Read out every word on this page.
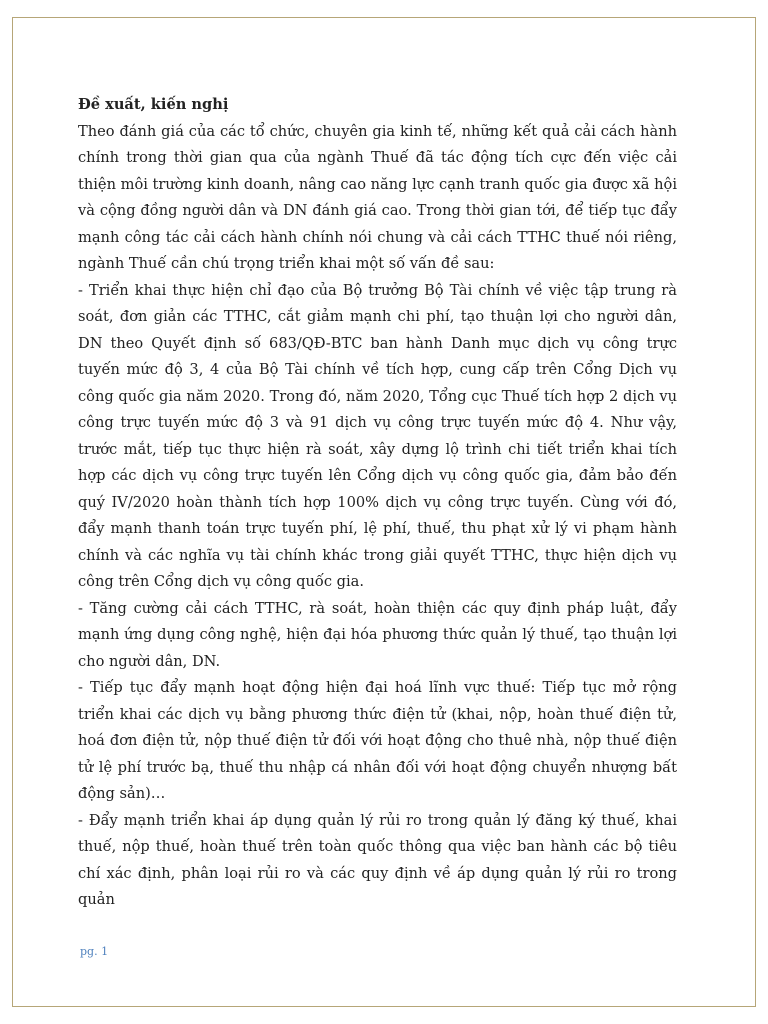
Đề xuất, kiến nghị

Theo đánh giá của các tổ chức, chuyên gia kinh tế, những kết quả cải cách hành chính trong thời gian qua của ngành Thuế đã tác động tích cực đến việc cải thiện môi trường kinh doanh, nâng cao năng lực cạnh tranh quốc gia được xã hội và cộng đồng người dân và DN đánh giá cao. Trong thời gian tới, để tiếp tục đẩy mạnh công tác cải cách hành chính nói chung và cải cách TTHC thuế nói riêng, ngành Thuế cần chú trọng triển khai một số vấn đề sau:

- Triển khai thực hiện chỉ đạo của Bộ trưởng Bộ Tài chính về việc tập trung rà soát, đơn giản các TTHC, cắt giảm mạnh chi phí, tạo thuận lợi cho người dân, DN theo Quyết định số 683/QĐ-BTC ban hành Danh mục dịch vụ công trực tuyến mức độ 3, 4 của Bộ Tài chính về tích hợp, cung cấp trên Cổng Dịch vụ công quốc gia năm 2020. Trong đó, năm 2020, Tổng cục Thuế tích hợp 2 dịch vụ công trực tuyến mức độ 3 và 91 dịch vụ công trực tuyến mức độ 4. Như vậy, trước mắt, tiếp tục thực hiện rà soát, xây dựng lộ trình chi tiết triển khai tích hợp các dịch vụ công trực tuyến lên Cổng dịch vụ công quốc gia, đảm bảo đến quý IV/2020 hoàn thành tích hợp 100% dịch vụ công trực tuyến. Cùng với đó, đẩy mạnh thanh toán trực tuyến phí, lệ phí, thuế, thu phạt xử lý vi phạm hành chính và các nghĩa vụ tài chính khác trong giải quyết TTHC, thực hiện dịch vụ công trên Cổng dịch vụ công quốc gia.

- Tăng cường cải cách TTHC, rà soát, hoàn thiện các quy định pháp luật, đẩy mạnh ứng dụng công nghệ, hiện đại hóa phương thức quản lý thuế, tạo thuận lợi cho người dân, DN.

- Tiếp tục đẩy mạnh hoạt động hiện đại hoá lĩnh vực thuế: Tiếp tục mở rộng triển khai các dịch vụ bằng phương thức điện tử (khai, nộp, hoàn thuế điện tử, hoá đơn điện tử, nộp thuế điện tử đối với hoạt động cho thuê nhà, nộp thuế điện tử lệ phí trước bạ, thuế thu nhập cá nhân đối với hoạt động chuyển nhượng bất động sản)…

- Đẩy mạnh triển khai áp dụng quản lý rủi ro trong quản lý đăng ký thuế, khai thuế, nộp thuế, hoàn thuế trên toàn quốc thông qua việc ban hành các bộ tiêu chí xác định, phân loại rủi ro và các quy định về áp dụng quản lý rủi ro trong quản

pg. 1
